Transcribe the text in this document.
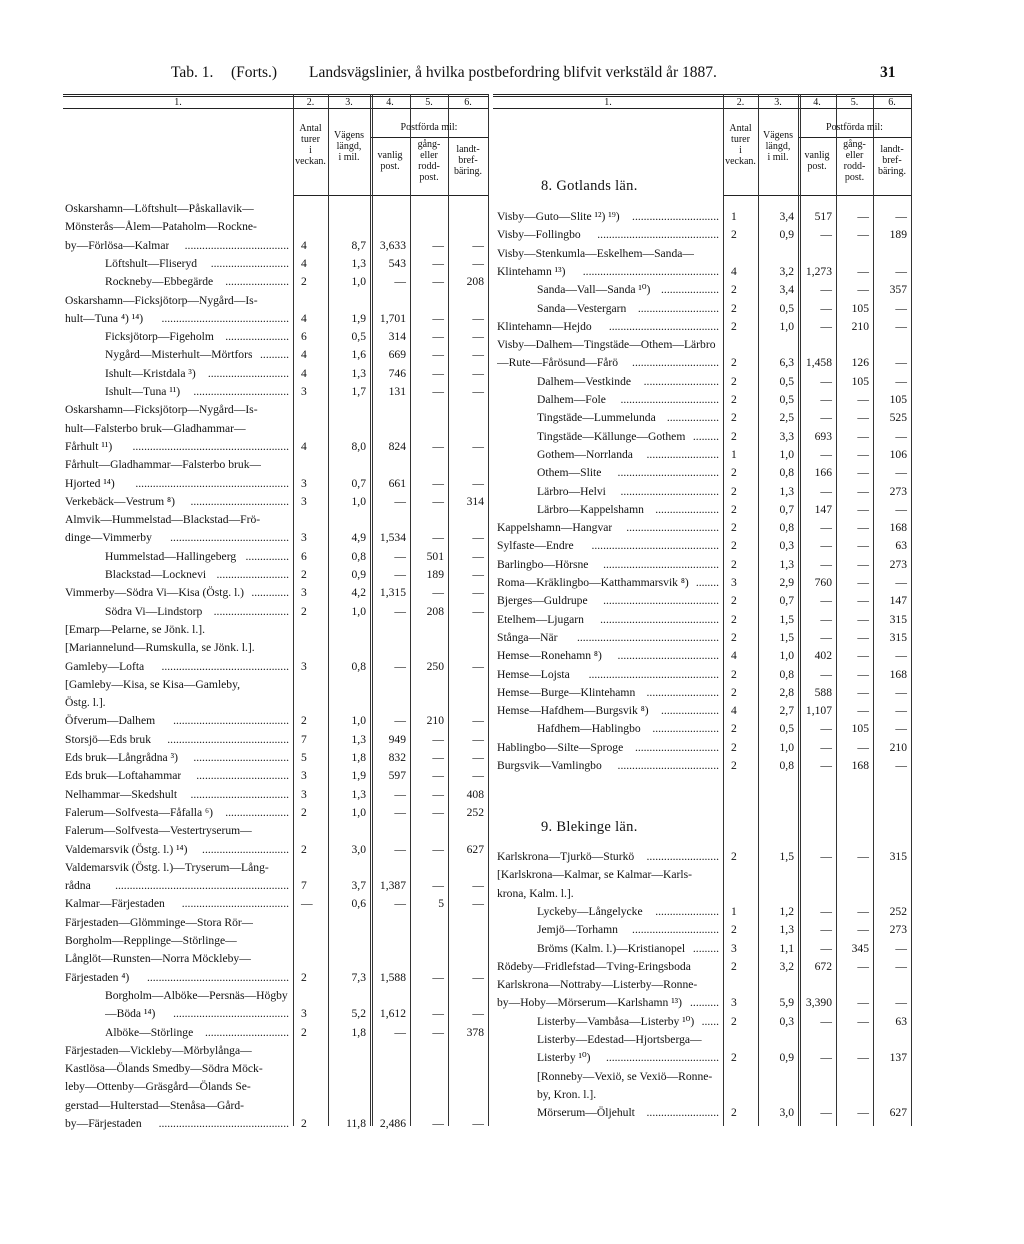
Tab. 1. (Forts.) Landsvägslinier, å hvilka postbefordring blifvit verkstäld år 1887.	31
1.	2.	3.	4.	5.	6.
Antal
turer
i
veckan.
Vägens
längd,
i mil.
Postförda mil:
vanlig
post.
gång-
eller
rodd-
post.
landt-
bref-
bäring.
1.	2.	3.	4.	5.	6.
Antal
turer
i
veckan.
Vägens
längd,
i mil.
Postförda mil:
vanlig
post.
gång-
eller
rodd-
post.
landt-
bref-
bäring.
Oskarshamn—Löftshult—Påskallavik—
Mönsterås—Ålem—Pataholm—Rockne-
by—Förlösa—Kalmar	.................................... 4	8,7	3,633	—	—
Löftshult—Fliseryd	........................... 4	1,3	543	—	—
Rockneby—Ebbegärde	...................... 2	1,0	—	—	208
Oskarshamn—Ficksjötorp—Nygård—Is-
hult—Tuna ⁴) ¹⁴)	............................................ 4	1,9	1,701	—	—
Ficksjötorp—Figeholm ...................... 6	0,5	314	—	—
Nygård—Misterhult—Mörtfors .......... 4	1,6	669	—	—
Ishult—Kristdala ³)	............................ 4	1,3	746	—	—
Ishult—Tuna ¹¹)	................................. 3	1,7	131	—	—
Oskarshamn—Ficksjötorp—Nygård—Is-
hult—Falsterbo bruk—Gladhammar—
Fårhult ¹¹)	...................................................... 4	8,0	824	—	—
Fårhult—Gladhammar—Falsterbo bruk—
Hjorted ¹⁴)	..................................................... 3	0,7	661	—	—
Verkebäck—Vestrum ⁸)	.................................. 3	1,0	—	—	314
Almvik—Hummelstad—Blackstad—Frö-
dinge—Vimmerby	......................................... 3	4,9	1,534	—	—
Hummelstad—Hallingeberg ............... 6	0,8	—	501	—
Blackstad—Locknevi ......................... 2	0,9	—	189	—
Vimmerby—Södra Vi—Kisa (Östg. l.) ............. 3	4,2	1,315	—	—
Södra Vi—Lindstorp .......................... 2	1,0	—	208	—
[Emarp—Pelarne, se Jönk. l.].
[Mariannelund—Rumskulla, se Jönk. l.].
Gamleby—Lofta	............................................ 3	0,8	—	250	—
[Gamleby—Kisa, se Kisa—Gamleby,
Östg. l.].
Öfverum—Dalhem	........................................ 2	1,0	—	210	—
Storsjö—Eds bruk	.......................................... 7	1,3	949	—	—
Eds bruk—Långrådna ³)	................................. 5	1,8	832	—	—
Eds bruk—Loftahammar	................................ 3	1,9	597	—	—
Nelhammar—Skedshult	.................................. 3	1,3	—	—	408
Falerum—Solfvesta—Fåfalla ⁶)	...................... 2	1,0	—	—	252
Falerum—Solfvesta—Vestertryserum—
Valdemarsvik (Östg. l.) ¹⁴)	.............................. 2	3,0	—	—	627
Valdemarsvik (Östg. l.)—Tryserum—Lång-
rådna	............................................................ 7	3,7	1,387	—	—
Kalmar—Färjestaden	..................................... —	0,6	—	5	—
Färjestaden—Glömminge—Stora Rör—
Borgholm—Repplinge—Störlinge—
Långlöt—Runsten—Norra Möckleby—
Färjestaden ⁴)	................................................. 2	7,3	1,588	—	—
Borgholm—Alböke—Persnäs—Högby
—Böda ¹⁴)	........................................ 3	5,2	1,612	—	—
Alböke—Störlinge	............................. 2	1,8	—	—	378
Färjestaden—Vickleby—Mörbylånga—
Kastlösa—Ölands Smedby—Södra Möck-
leby—Ottenby—Gräsgård—Ölands Se-
gerstad—Hulterstad—Stenåsa—Gård-
by—Färjestaden	............................................. 2	11,8	2,486	—	—
Visby—Guto—Slite ¹²) ¹⁹)	.............................. 1	3,4	517	—	—
Visby—Follingbo	.......................................... 2	0,9	—	—	189
Visby—Stenkumla—Eskelhem—Sanda—
Klintehamn ¹³)	............................................... 4	3,2	1,273	—	—
Sanda—Vall—Sanda ¹⁰) .................... 2	3,4	—	—	357
Sanda—Vestergarn ............................ 2	0,5	—	105	—
Klintehamn—Hejdo	...................................... 2	1,0	—	210	—
Visby—Dalhem—Tingstäde—Othem—Lärbro
—Rute—Fårösund—Fårö	.............................. 2	6,3	1,458	126	—
Dalhem—Vestkinde	.......................... 2	0,5	—	105	—
Dalhem—Fole	.................................. 2	0,5	—	—	105
Tingstäde—Lummelunda .................. 2	2,5	—	—	525
Tingstäde—Källunge—Gothem ......... 2	3,3	693	—	—
Gothem—Norrlanda	......................... 1	1,0	—	—	106
Othem—Slite	................................... 2	0,8	166	—	—
Lärbro—Helvi	.................................. 2	1,3	—	—	273
Lärbro—Kappelshamn ...................... 2	0,7	147	—	—
Kappelshamn—Hangvar	................................ 2	0,8	—	—	168
Sylfaste—Endre	............................................ 2	0,3	—	—	63
Barlingbo—Hörsne	........................................ 2	1,3	—	—	273
Roma—Kräklingbo—Katthammarsvik ⁸) ........ 3	2,9	760	—	—
Bjerges—Guldrupe	........................................ 2	0,7	—	—	147
Etelhem—Ljugarn	......................................... 2	1,5	—	—	315
Stånga—När	................................................. 2	1,5	—	—	315
Hemse—Ronehamn ⁸)	................................... 4	1,0	402	—	—
Hemse—Lojsta	............................................. 2	0,8	—	—	168
Hemse—Burge—Klintehamn ......................... 2	2,8	588	—	—
Hemse—Hafdhem—Burgsvik ⁸)	.................... 4	2,7	1,107	—	—
Hafdhem—Hablingbo	....................... 2	0,5	—	105	—
Hablingbo—Silte—Sproge	............................. 2	1,0	—	—	210
Burgsvik—Vamlingbo	................................... 2	0,8	—	168	—
Karlskrona—Tjurkö—Sturkö	......................... 2	1,5	—	—	315
[Karlskrona—Kalmar, se Kalmar—Karls-
krona, Kalm. l.].
Lyckeby—Långelycke	...................... 1	1,2	—	—	252
Jemjö—Torhamn	.............................. 2	1,3	—	—	273
Bröms (Kalm. l.)—Kristianopel ......... 3	1,1	—	345	—
Rödeby—Fridlefstad—Tving-Eringsboda	2	3,2	672	—	—
Karlskrona—Nottraby—Listerby—Ronne-
by—Hoby—Mörserum—Karlshamn ¹³) .......... 3	5,9	3,390	—	—
Listerby—Vambåsa—Listerby ¹⁰) ...... 2	0,3	—	—	63
Listerby—Edestad—Hjortsberga—
Listerby ¹⁰)	....................................... 2	0,9	—	—	137
[Ronneby—Vexiö, se Vexiö—Ronne-
by, Kron. l.].
Mörserum—Öljehult	......................... 2	3,0	—	—	627
8. Gotlands län.
9. Blekinge län.
